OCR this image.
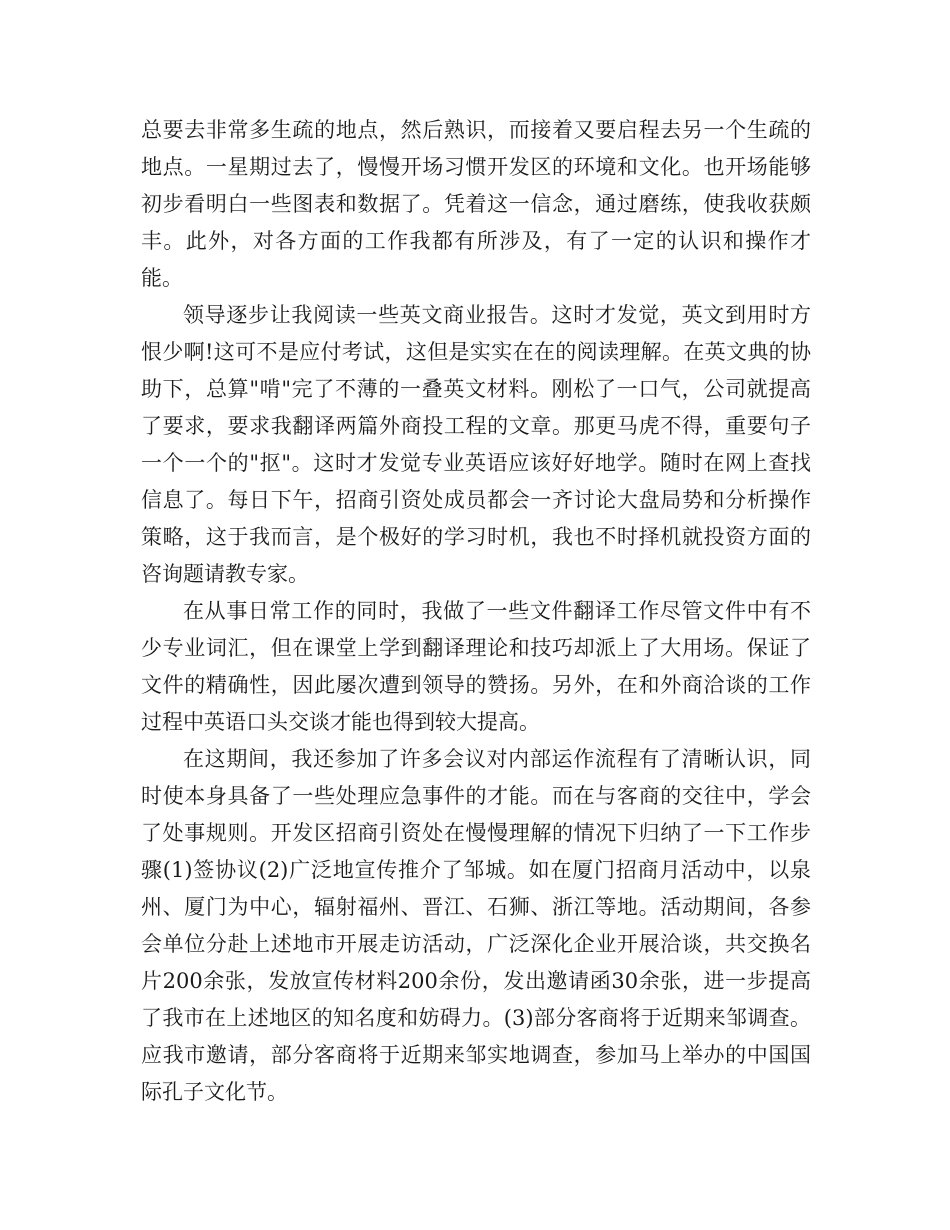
总要去非常多生疏的地点，然后熟识，而接着又要启程去另一个生疏的地点。一星期过去了，慢慢开场习惯开发区的环境和文化。也开场能够初步看明白一些图表和数据了。凭着这一信念，通过磨练，使我收获颇丰。此外，对各方面的工作我都有所涉及，有了一定的认识和操作才能。

领导逐步让我阅读一些英文商业报告。这时才发觉，英文到用时方恨少啊!这可不是应付考试，这但是实实在在的阅读理解。在英文典的协助下，总算"啃"完了不薄的一叠英文材料。刚松了一口气，公司就提高了要求，要求我翻译两篇外商投工程的文章。那更马虎不得，重要句子一个一个的"抠"。这时才发觉专业英语应该好好地学。随时在网上查找信息了。每日下午，招商引资处成员都会一齐讨论大盘局势和分析操作策略，这于我而言，是个极好的学习时机，我也不时择机就投资方面的咨询题请教专家。

在从事日常工作的同时，我做了一些文件翻译工作尽管文件中有不少专业词汇，但在课堂上学到翻译理论和技巧却派上了大用场。保证了文件的精确性，因此屡次遭到领导的赞扬。另外，在和外商洽谈的工作过程中英语口头交谈才能也得到较大提高。

在这期间，我还参加了许多会议对内部运作流程有了清晰认识，同时使本身具备了一些处理应急事件的才能。而在与客商的交往中，学会了处事规则。开发区招商引资处在慢慢理解的情况下归纳了一下工作步骤(1)签协议(2)广泛地宣传推介了邹城。如在厦门招商月活动中，以泉州、厦门为中心，辐射福州、晋江、石狮、浙江等地。活动期间，各参会单位分赴上述地市开展走访活动，广泛深化企业开展洽谈，共交换名片200余张，发放宣传材料200余份，发出邀请函30余张，进一步提高了我市在上述地区的知名度和妨碍力。(3)部分客商将于近期来邹调查。应我市邀请，部分客商将于近期来邹实地调查，参加马上举办的中国国际孔子文化节。
